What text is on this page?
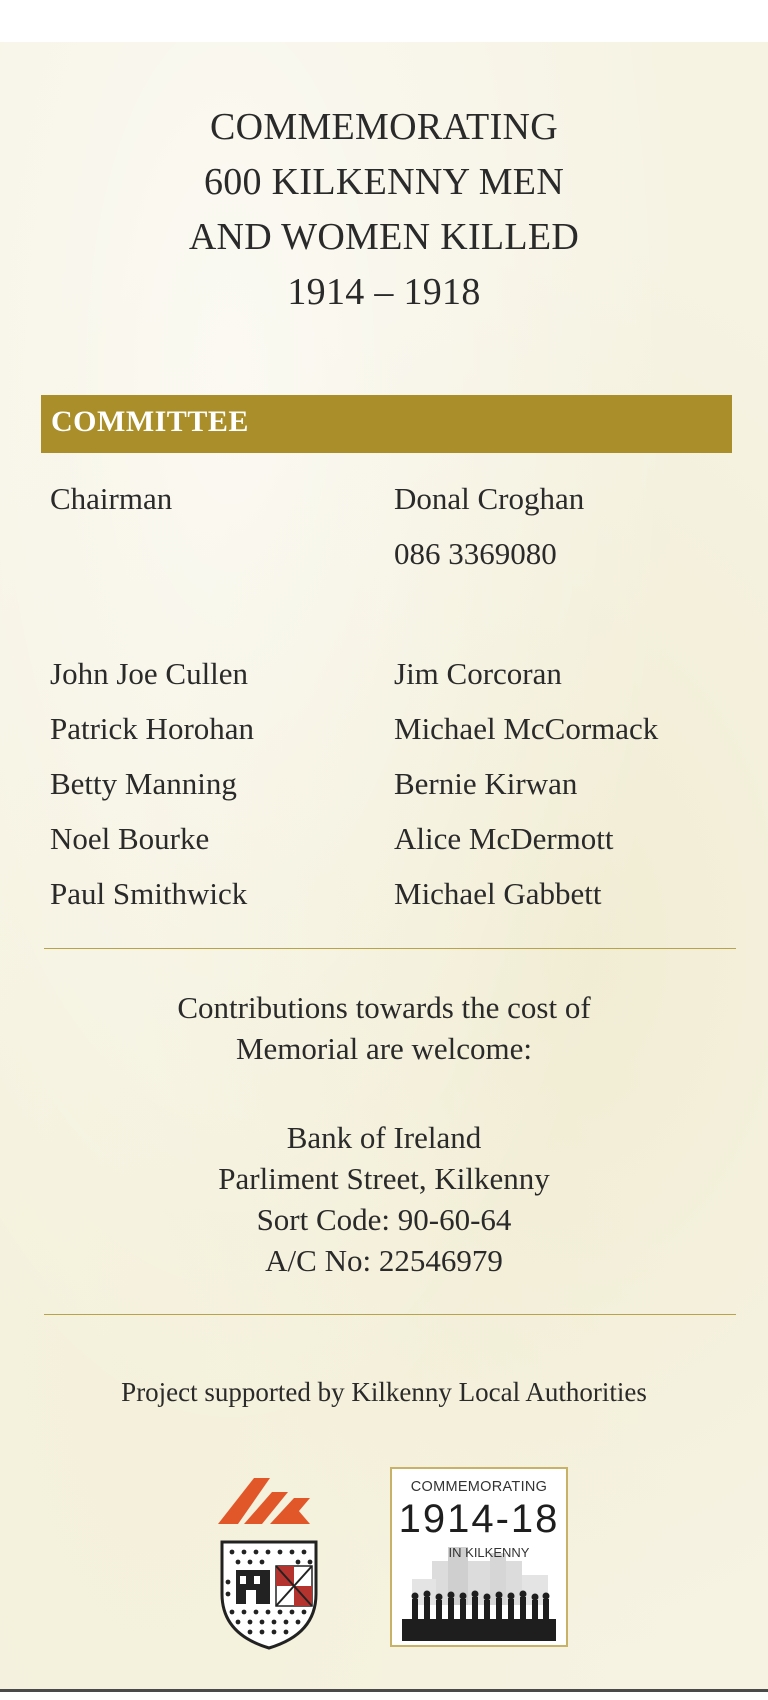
COMMEMORATING
600 KILKENNY MEN
AND WOMEN KILLED
1914 – 1918
COMMITTEE
Chairman	Donal Croghan
086 3369080
John Joe Cullen
Patrick Horohan
Betty Manning
Noel Bourke
Paul Smithwick
Jim Corcoran
Michael McCormack
Bernie Kirwan
Alice McDermott
Michael Gabbett
Contributions towards the cost of
Memorial are welcome:
Bank of Ireland
Parliment Street, Kilkenny
Sort Code: 90-60-64
A/C No: 22546979
Project supported by Kilkenny Local Authorities
COMMEMORATING
1914-18
IN KILKENNY
